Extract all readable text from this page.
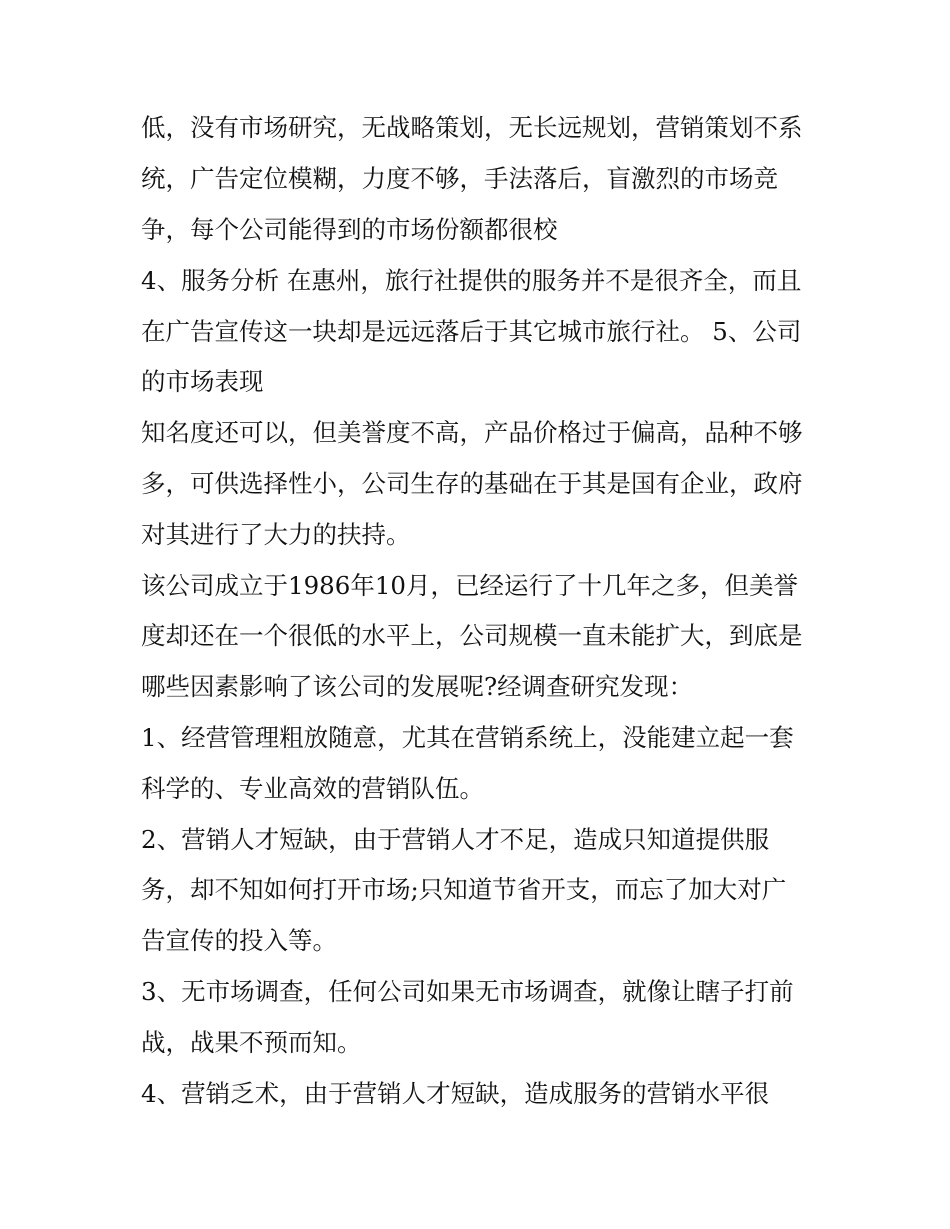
低，没有市场研究，无战略策划，无长远规划，营销策划不系
统，广告定位模糊，力度不够，手法落后，盲激烈的市场竞
争，每个公司能得到的市场份额都很校
4、服务分析 在惠州，旅行社提供的服务并不是很齐全，而且
在广告宣传这一块却是远远落后于其它城市旅行社。 5、公司
的市场表现
知名度还可以，但美誉度不高，产品价格过于偏高，品种不够
多，可供选择性小，公司生存的基础在于其是国有企业，政府
对其进行了大力的扶持。
该公司成立于1986年10月，已经运行了十几年之多，但美誉
度却还在一个很低的水平上，公司规模一直未能扩大，到底是
哪些因素影响了该公司的发展呢?经调查研究发现：
1、经营管理粗放随意，尤其在营销系统上，没能建立起一套
科学的、专业高效的营销队伍。
2、营销人才短缺，由于营销人才不足，造成只知道提供服
务，却不知如何打开市场;只知道节省开支，而忘了加大对广
告宣传的投入等。
3、无市场调查，任何公司如果无市场调查，就像让瞎子打前
战，战果不预而知。
4、营销乏术，由于营销人才短缺，造成服务的营销水平很
